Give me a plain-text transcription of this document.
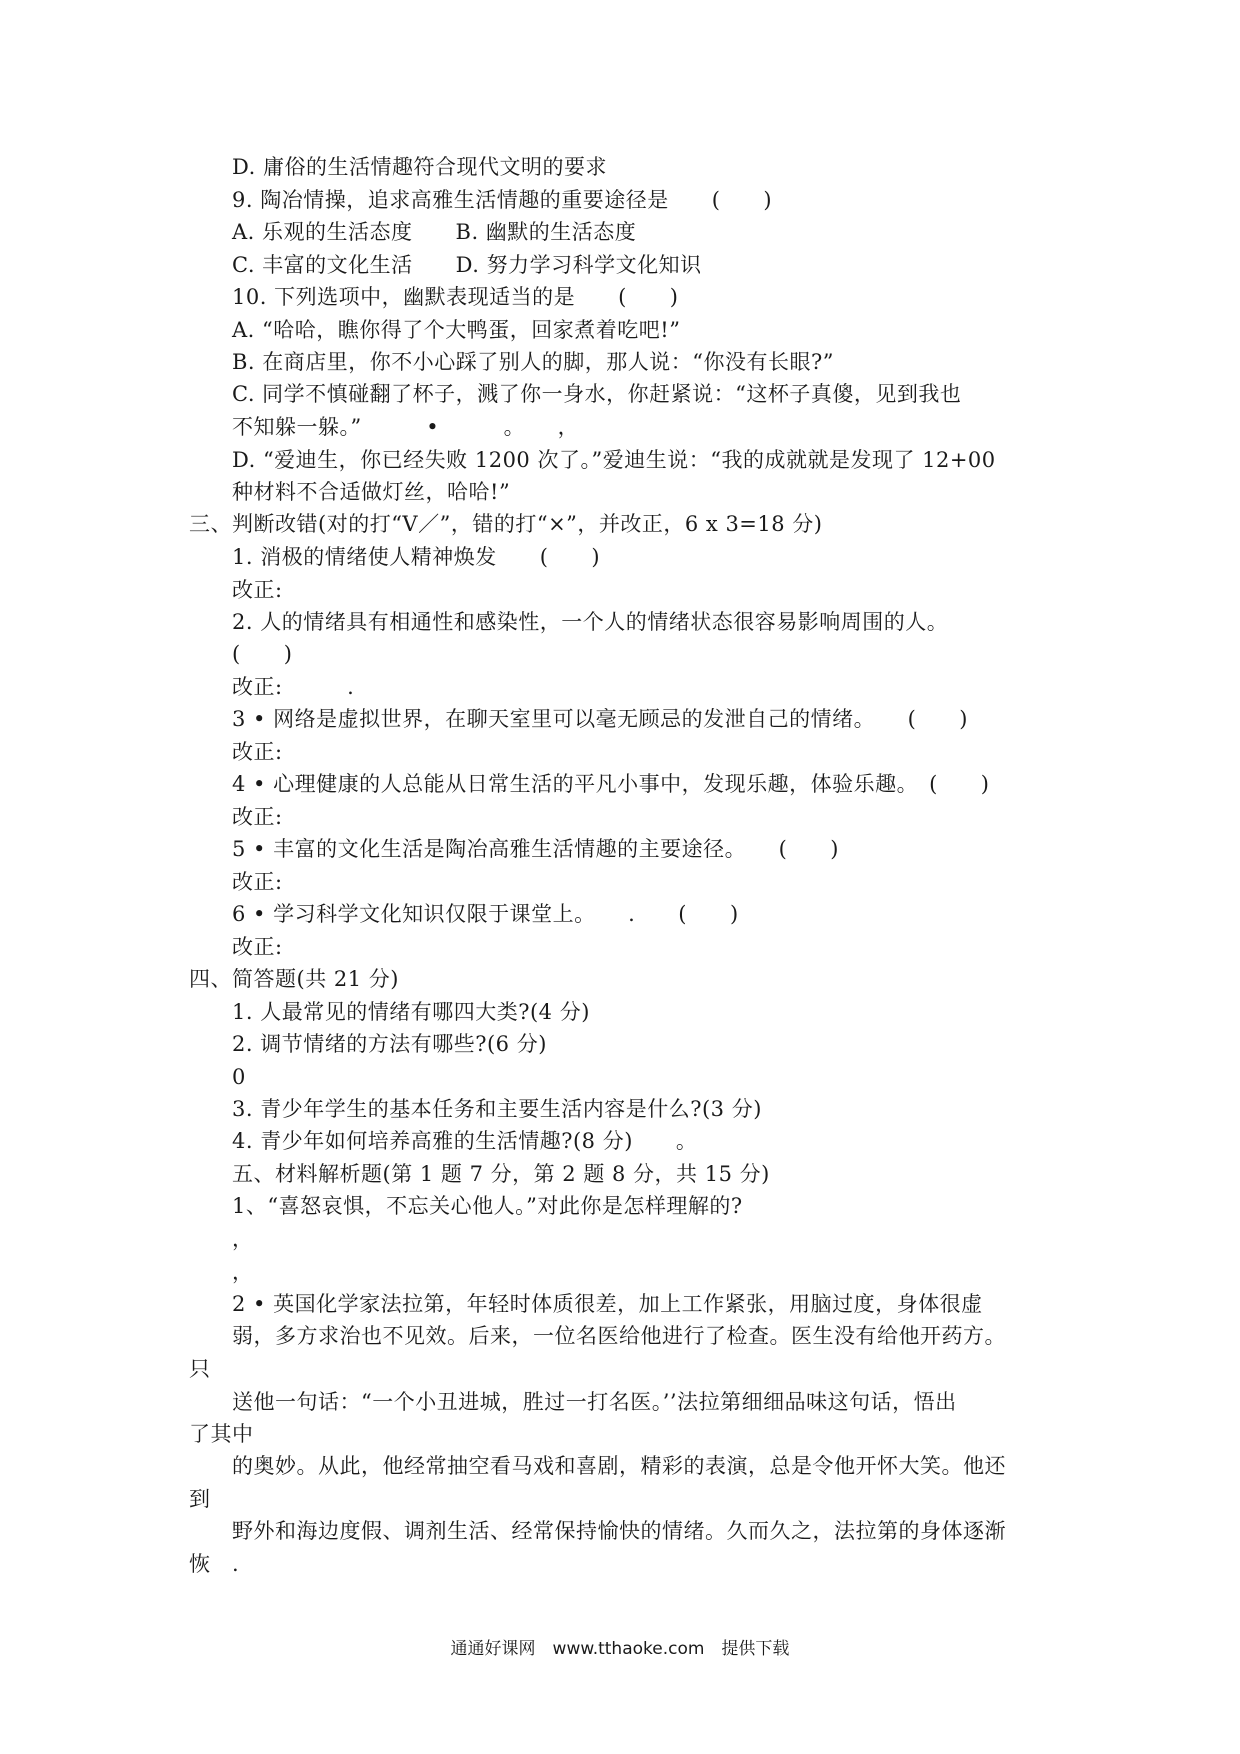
D. 庸俗的生活情趣符合现代文明的要求
9. 陶冶情操，追求高雅生活情趣的重要途径是　　(　　)
A. 乐观的生活态度　　B. 幽默的生活态度
C. 丰富的文化生活　　D. 努力学习科学文化知识
10. 下列选项中，幽默表现适当的是　　(　　)
A. “哈哈，瞧你得了个大鸭蛋，回家煮着吃吧!”
B. 在商店里，你不小心踩了别人的脚，那人说：“你没有长眼?”
C. 同学不慎碰翻了杯子，溅了你一身水，你赶紧说：“这杯子真傻，见到我也
不知躲一躲。”　　　•　　　。　　，
D. “爱迪生，你已经失败 1200 次了。”爱迪生说：“我的成就就是发现了 12+00
种材料不合适做灯丝，哈哈!”
三、判断改错(对的打“V／”，错的打“×”，并改正，6 x 3=18 分)
1. 消极的情绪使人精神焕发　　(　　)
改正:
2. 人的情绪具有相通性和感染性，一个人的情绪状态很容易影响周围的人。
(　　)
改正:　　　.
3 • 网络是虚拟世界，在聊天室里可以毫无顾忌的发泄自己的情绪。　　(　　)
改正:
4 • 心理健康的人总能从日常生活的平凡小事中，发现乐趣，体验乐趣。　(　　)
改正:
5 • 丰富的文化生活是陶冶高雅生活情趣的主要途径。　　(　　)
改正:
6 • 学习科学文化知识仅限于课堂上。　　.　　(　　)
改正:
四、简答题(共 21 分)
1. 人最常见的情绪有哪四大类?(4 分)
2. 调节情绪的方法有哪些?(6 分)
0
3. 青少年学生的基本任务和主要生活内容是什么?(3 分)
4. 青少年如何培养高雅的生活情趣?(8 分)　　。
五、材料解析题(第 1 题 7 分，第 2 题 8 分，共 15 分)
1、“喜怒哀惧，不忘关心他人。”对此你是怎样理解的?
，
，
2 • 英国化学家法拉第，年轻时体质很差，加上工作紧张，用脑过度，身体很虚
弱，多方求治也不见效。后来，一位名医给他进行了检查。医生没有给他开药方。
只
送他一句话：“一个小丑进城，胜过一打名医。’’法拉第细细品味这句话，悟出
了其中
的奥妙。从此，他经常抽空看马戏和喜剧，精彩的表演，总是令他开怀大笑。他还
到
野外和海边度假、调剂生活、经常保持愉快的情绪。久而久之，法拉第的身体逐渐
恢　.
通通好课网　www.tthaoke.com　提供下载
